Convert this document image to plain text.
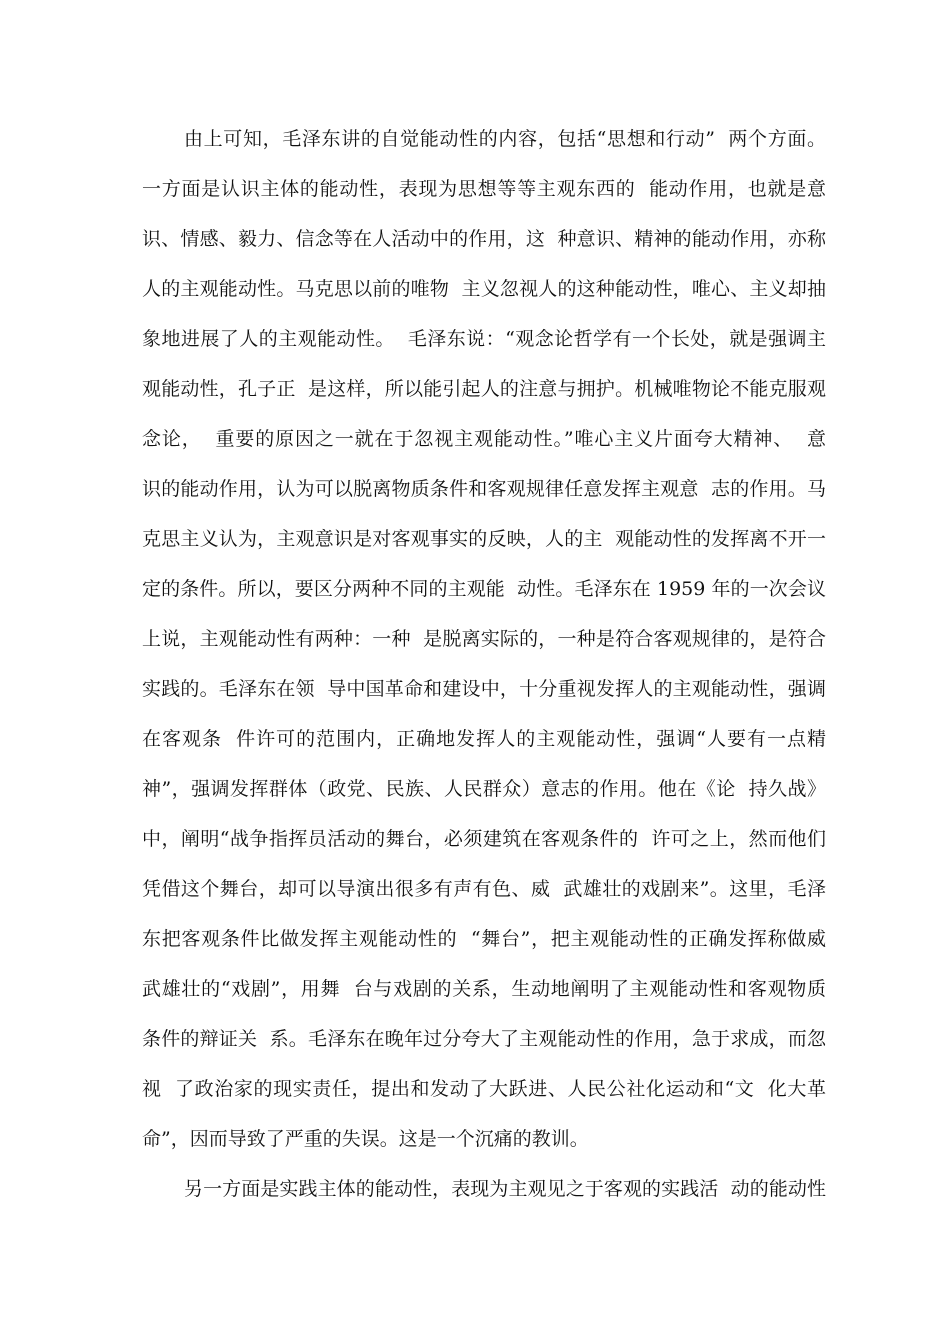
由上可知，毛泽东讲的自觉能动性的内容，包括“思想和行动”  两个方面。
一方面是认识主体的能动性，表现为思想等等主观东西的  能动作用，也就是意
识、情感、毅力、信念等在人活动中的作用，这  种意识、精神的能动作用，亦称
人的主观能动性。马克思以前的唯物  主义忽视人的这种能动性，唯心、主义却抽
象地进展了人的主观能动性。  毛泽东说：“观念论哲学有一个长处，就是强调主
观能动性，孔子正  是这样，所以能引起人的注意与拥护。机械唯物论不能克服观
念论，  重要的原因之一就在于忽视主观能动性。”唯心主义片面夸大精神、  意
识的能动作用，认为可以脱离物质条件和客观规律任意发挥主观意  志的作用。马
克思主义认为，主观意识是对客观事实的反映，人的主  观能动性的发挥离不开一
定的条件。所以，要区分两种不同的主观能  动性。毛泽东在 1959 年的一次会议
上说，主观能动性有两种：一种  是脱离实际的，一种是符合客观规律的，是符合
实践的。毛泽东在领  导中国革命和建设中，十分重视发挥人的主观能动性，强调
在客观条  件许可的范围内，正确地发挥人的主观能动性，强调“人要有一点精
神”，强调发挥群体（政党、民族、人民群众）意志的作用。他在《论  持久战》
中，阐明“战争指挥员活动的舞台，必须建筑在客观条件的  许可之上，然而他们
凭借这个舞台，却可以导演出很多有声有色、威  武雄壮的戏剧来”。这里，毛泽
东把客观条件比做发挥主观能动性的  “舞台”，把主观能动性的正确发挥称做威
武雄壮的“戏剧”，用舞  台与戏剧的关系，生动地阐明了主观能动性和客观物质
条件的辩证关  系。毛泽东在晚年过分夸大了主观能动性的作用，急于求成，而忽
视  了政治家的现实责任，提出和发动了大跃进、人民公社化运动和“文  化大革
命”，因而导致了严重的失误。这是一个沉痛的教训。
另一方面是实践主体的能动性，表现为主观见之于客观的实践活  动的能动性
